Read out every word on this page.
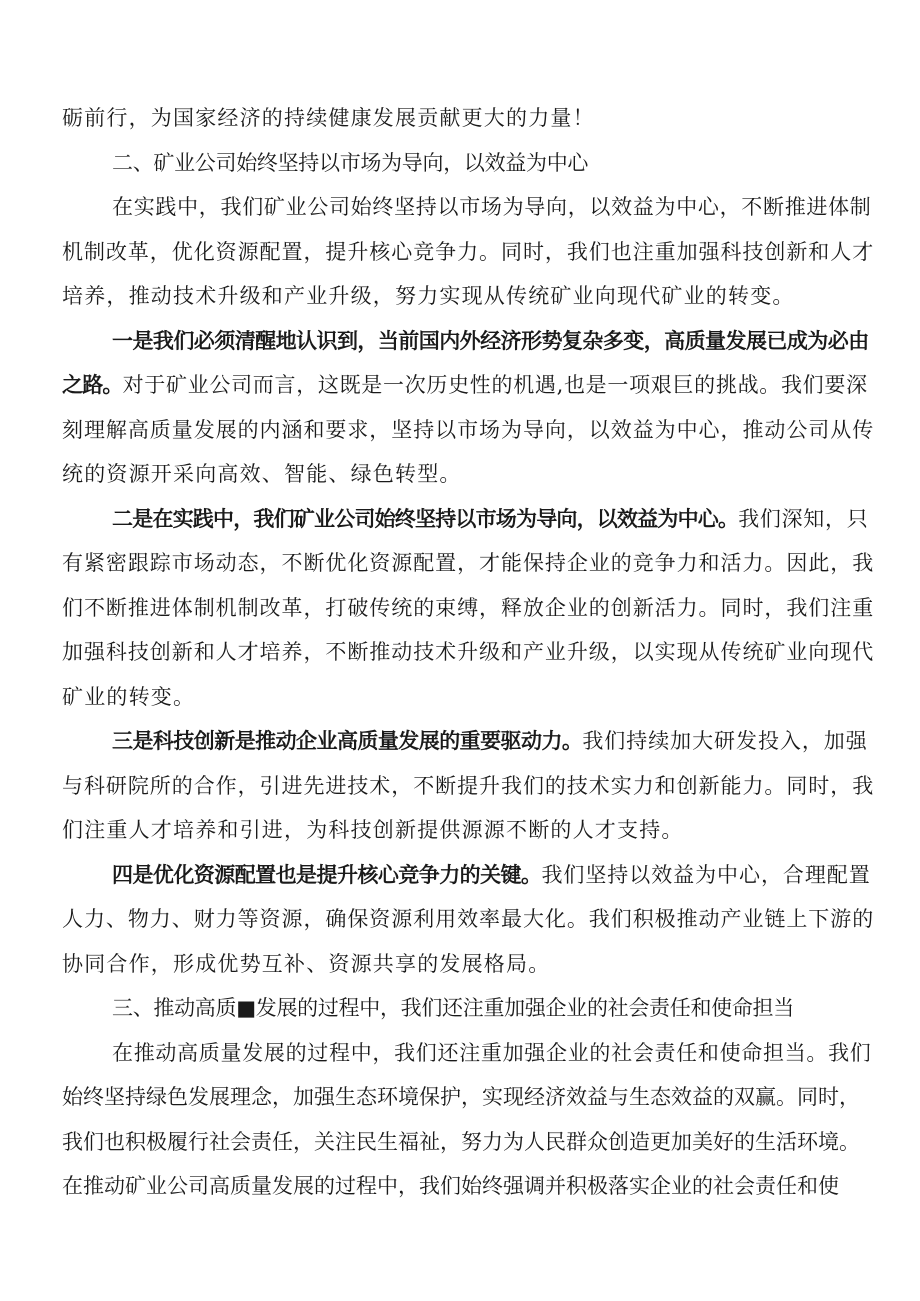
砺前行，为国家经济的持续健康发展贡献更大的力量！
二、矿业公司始终坚持以市场为导向，以效益为中心
在实践中，我们矿业公司始终坚持以市场为导向，以效益为中心，不断推进体制
机制改革，优化资源配置，提升核心竞争力。同时，我们也注重加强科技创新和人才
培养，推动技术升级和产业升级，努力实现从传统矿业向现代矿业的转变。
一是我们必须清醒地认识到，当前国内外经济形势复杂多变，高质量发展已成为必由
之路。对于矿业公司而言，这既是一次历史性的机遇,也是一项艰巨的挑战。我们要深
刻理解高质量发展的内涵和要求，坚持以市场为导向，以效益为中心，推动公司从传
统的资源开采向高效、智能、绿色转型。
二是在实践中，我们矿业公司始终坚持以市场为导向，以效益为中心。我们深知，只
有紧密跟踪市场动态，不断优化资源配置，才能保持企业的竞争力和活力。因此，我
们不断推进体制机制改革，打破传统的束缚，释放企业的创新活力。同时，我们注重
加强科技创新和人才培养，不断推动技术升级和产业升级，以实现从传统矿业向现代
矿业的转变。
三是科技创新是推动企业高质量发展的重要驱动力。我们持续加大研发投入，加强
与科研院所的合作，引进先进技术，不断提升我们的技术实力和创新能力。同时，我
们注重人才培养和引进，为科技创新提供源源不断的人才支持。
四是优化资源配置也是提升核心竞争力的关键。我们坚持以效益为中心，合理配置
人力、物力、财力等资源，确保资源利用效率最大化。我们积极推动产业链上下游的
协同合作，形成优势互补、资源共享的发展格局。
三、推动高质■发展的过程中，我们还注重加强企业的社会责任和使命担当
在推动高质量发展的过程中，我们还注重加强企业的社会责任和使命担当。我们
始终坚持绿色发展理念，加强生态环境保护，实现经济效益与生态效益的双赢。同时，
我们也积极履行社会责任，关注民生福祉，努力为人民群众创造更加美好的生活环境。
在推动矿业公司高质量发展的过程中，我们始终强调并积极落实企业的社会责任和使
